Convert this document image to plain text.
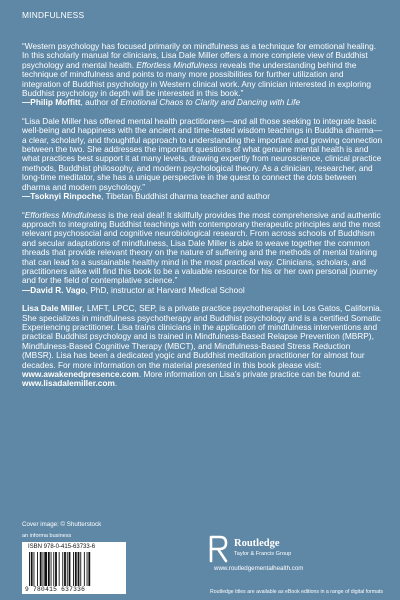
MINDFULNESS

“Western psychology has focused primarily on mindfulness as a technique for emotional healing. In this scholarly manual for clinicians, Lisa Dale Miller offers a more complete view of Buddhist psychology and mental health. Effortless Mindfulness reveals the understanding behind the technique of mindfulness and points to many more possibilities for further utilization and integration of Buddhist psychology in Western clinical work. Any clinician interested in exploring Buddhist psychology in depth will be interested in this book.”

—Philip Moffitt, author of Emotional Chaos to Clarity and Dancing with Life

“Lisa Dale Miller has offered mental health practitioners—and all those seeking to integrate basic well-being and happiness with the ancient and time-tested wisdom teachings in Buddha dharma—a clear, scholarly, and thoughtful approach to understanding the important and growing connection between the two. She addresses the important questions of what genuine mental health is and what practices best support it at many levels, drawing expertly from neuroscience, clinical practice methods, Buddhist philosophy, and modern psychological theory. As a clinician, researcher, and long-time meditator, she has a unique perspective in the quest to connect the dots between dharma and modern psychology.”

—Tsoknyi Rinpoche, Tibetan Buddhist dharma teacher and author

“Effortless Mindfulness is the real deal! It skillfully provides the most comprehensive and authentic approach to integrating Buddhist teachings with contemporary therapeutic principles and the most relevant psychosocial and cognitive neurobiological research. From across schools of Buddhism and secular adaptations of mindfulness, Lisa Dale Miller is able to weave together the common threads that provide relevant theory on the nature of suffering and the methods of mental training that can lead to a sustainable healthy mind in the most practical way. Clinicians, scholars, and practitioners alike will find this book to be a valuable resource for his or her own personal journey and for the field of contemplative science.”

—David R. Vago, PhD, instructor at Harvard Medical School

Lisa Dale Miller, LMFT, LPCC, SEP, is a private practice psychotherapist in Los Gatos, California. She specializes in mindfulness psychotherapy and Buddhist psychology and is a certified Somatic Experiencing practitioner. Lisa trains clinicians in the application of mindfulness interventions and practical Buddhist psychology and is trained in Mindfulness-Based Relapse Prevention (MBRP), Mindfulness-Based Cognitive Therapy (MBCT), and Mindfulness-Based Stress Reduction (MBSR). Lisa has been a dedicated yogic and Buddhist meditation practitioner for almost four decades. For more information on the material presented in this book please visit: www.awakenedpresence.com. More information on Lisa’s private practice can be found at: www.lisadalemiller.com.

Cover image: © Shutterstock
an informa business
ISBN 978-0-415-63733-6
9 780415 637336
Routledge
Taylor & Francis Group
www.routledgementalhealth.com
Routledge titles are available as eBook editions in a range of digital formats
